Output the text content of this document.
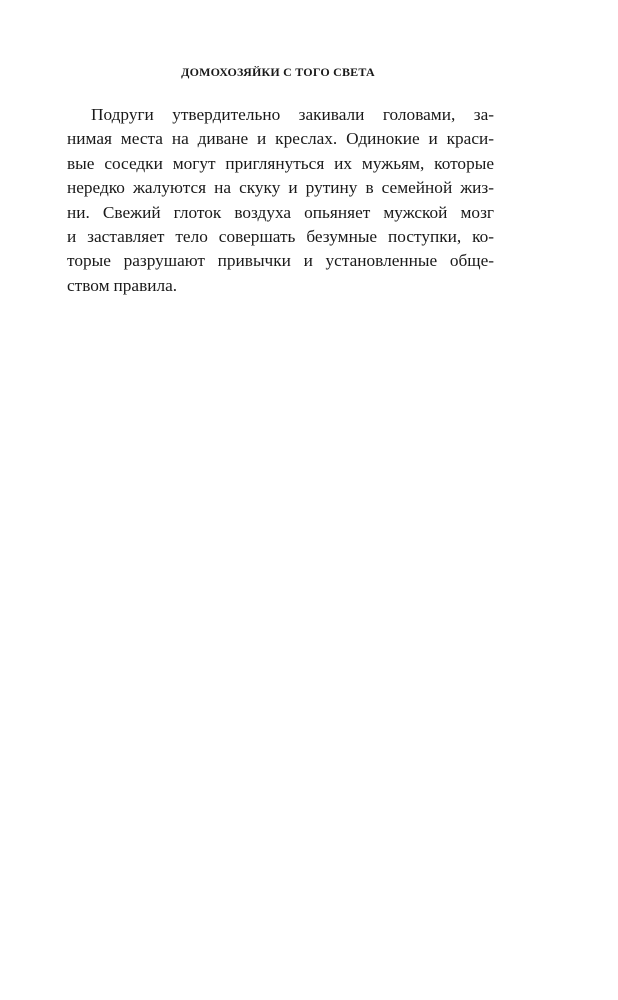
ДОМОХОЗЯЙКИ С ТОГО СВЕТА
Подруги утвердительно закивали головами, за-
нимая места на диване и креслах. Одинокие и краси-
вые соседки могут приглянуться их мужьям, которые
нередко жалуются на скуку и рутину в семейной жиз-
ни. Свежий глоток воздуха опьяняет мужской мозг
и заставляет тело совершать безумные поступки, ко-
торые разрушают привычки и установленные обще-
ством правила.
